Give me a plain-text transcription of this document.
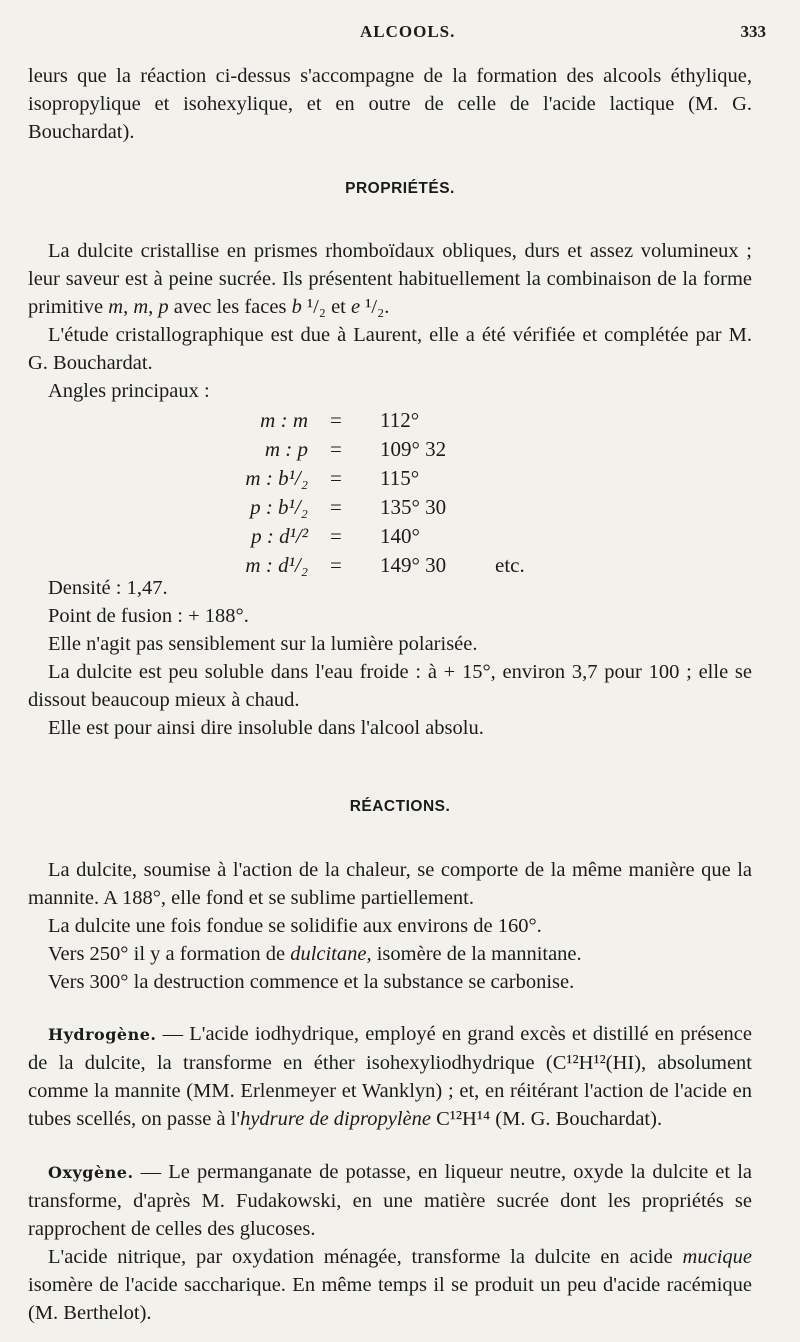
ALCOOLS.	333

leurs que la réaction ci-dessus s'accompagne de la formation des alcools éthylique, isopropylique et isohexylique, et en outre de celle de l'acide lactique (M. G. Bouchardat).

PROPRIÉTÉS.

La dulcite cristallise en prismes rhomboïdaux obliques, durs et assez volumineux ; leur saveur est à peine sucrée. Ils présentent habituellement la combinaison de la forme primitive m, m, p avec les faces b ¹/₂ et e ¹/₂.

L'étude cristallographique est due à Laurent, elle a été vérifiée et complétée par M. G. Bouchardat.

Angles principaux :

m : m = 112°
m : p = 109° 32
m : b¹/₂ = 115°
p : b¹/₂ = 135° 30
p : d¹/² = 140°
m : d¹/₂ = 149° 30 etc.

Densité : 1,47.

Point de fusion : + 188°.

Elle n'agit pas sensiblement sur la lumière polarisée.

La dulcite est peu soluble dans l'eau froide : à + 15°, environ 3,7 pour 100 ; elle se dissout beaucoup mieux à chaud.

Elle est pour ainsi dire insoluble dans l'alcool absolu.

RÉACTIONS.

La dulcite, soumise à l'action de la chaleur, se comporte de la même manière que la mannite. A 188°, elle fond et se sublime partiellement.

La dulcite une fois fondue se solidifie aux environs de 160°.

Vers 250° il y a formation de dulcitane, isomère de la mannitane.

Vers 300° la destruction commence et la substance se carbonise.

Hydrogène. — L'acide iodhydrique, employé en grand excès et distillé en présence de la dulcite, la transforme en éther isohexyliodhydrique (C¹²H¹²(HI), absolument comme la mannite (MM. Erlenmeyer et Wanklyn) ; et, en réitérant l'action de l'acide en tubes scellés, on passe à l'hydrure de dipropylène C¹²H¹⁴ (M. G. Bouchardat).

Oxygène. — Le permanganate de potasse, en liqueur neutre, oxyde la dulcite et la transforme, d'après M. Fudakowski, en une matière sucrée dont les propriétés se rapprochent de celles des glucoses.

L'acide nitrique, par oxydation ménagée, transforme la dulcite en acide mucique isomère de l'acide saccharique. En même temps il se produit un peu d'acide racémique (M. Berthelot).
